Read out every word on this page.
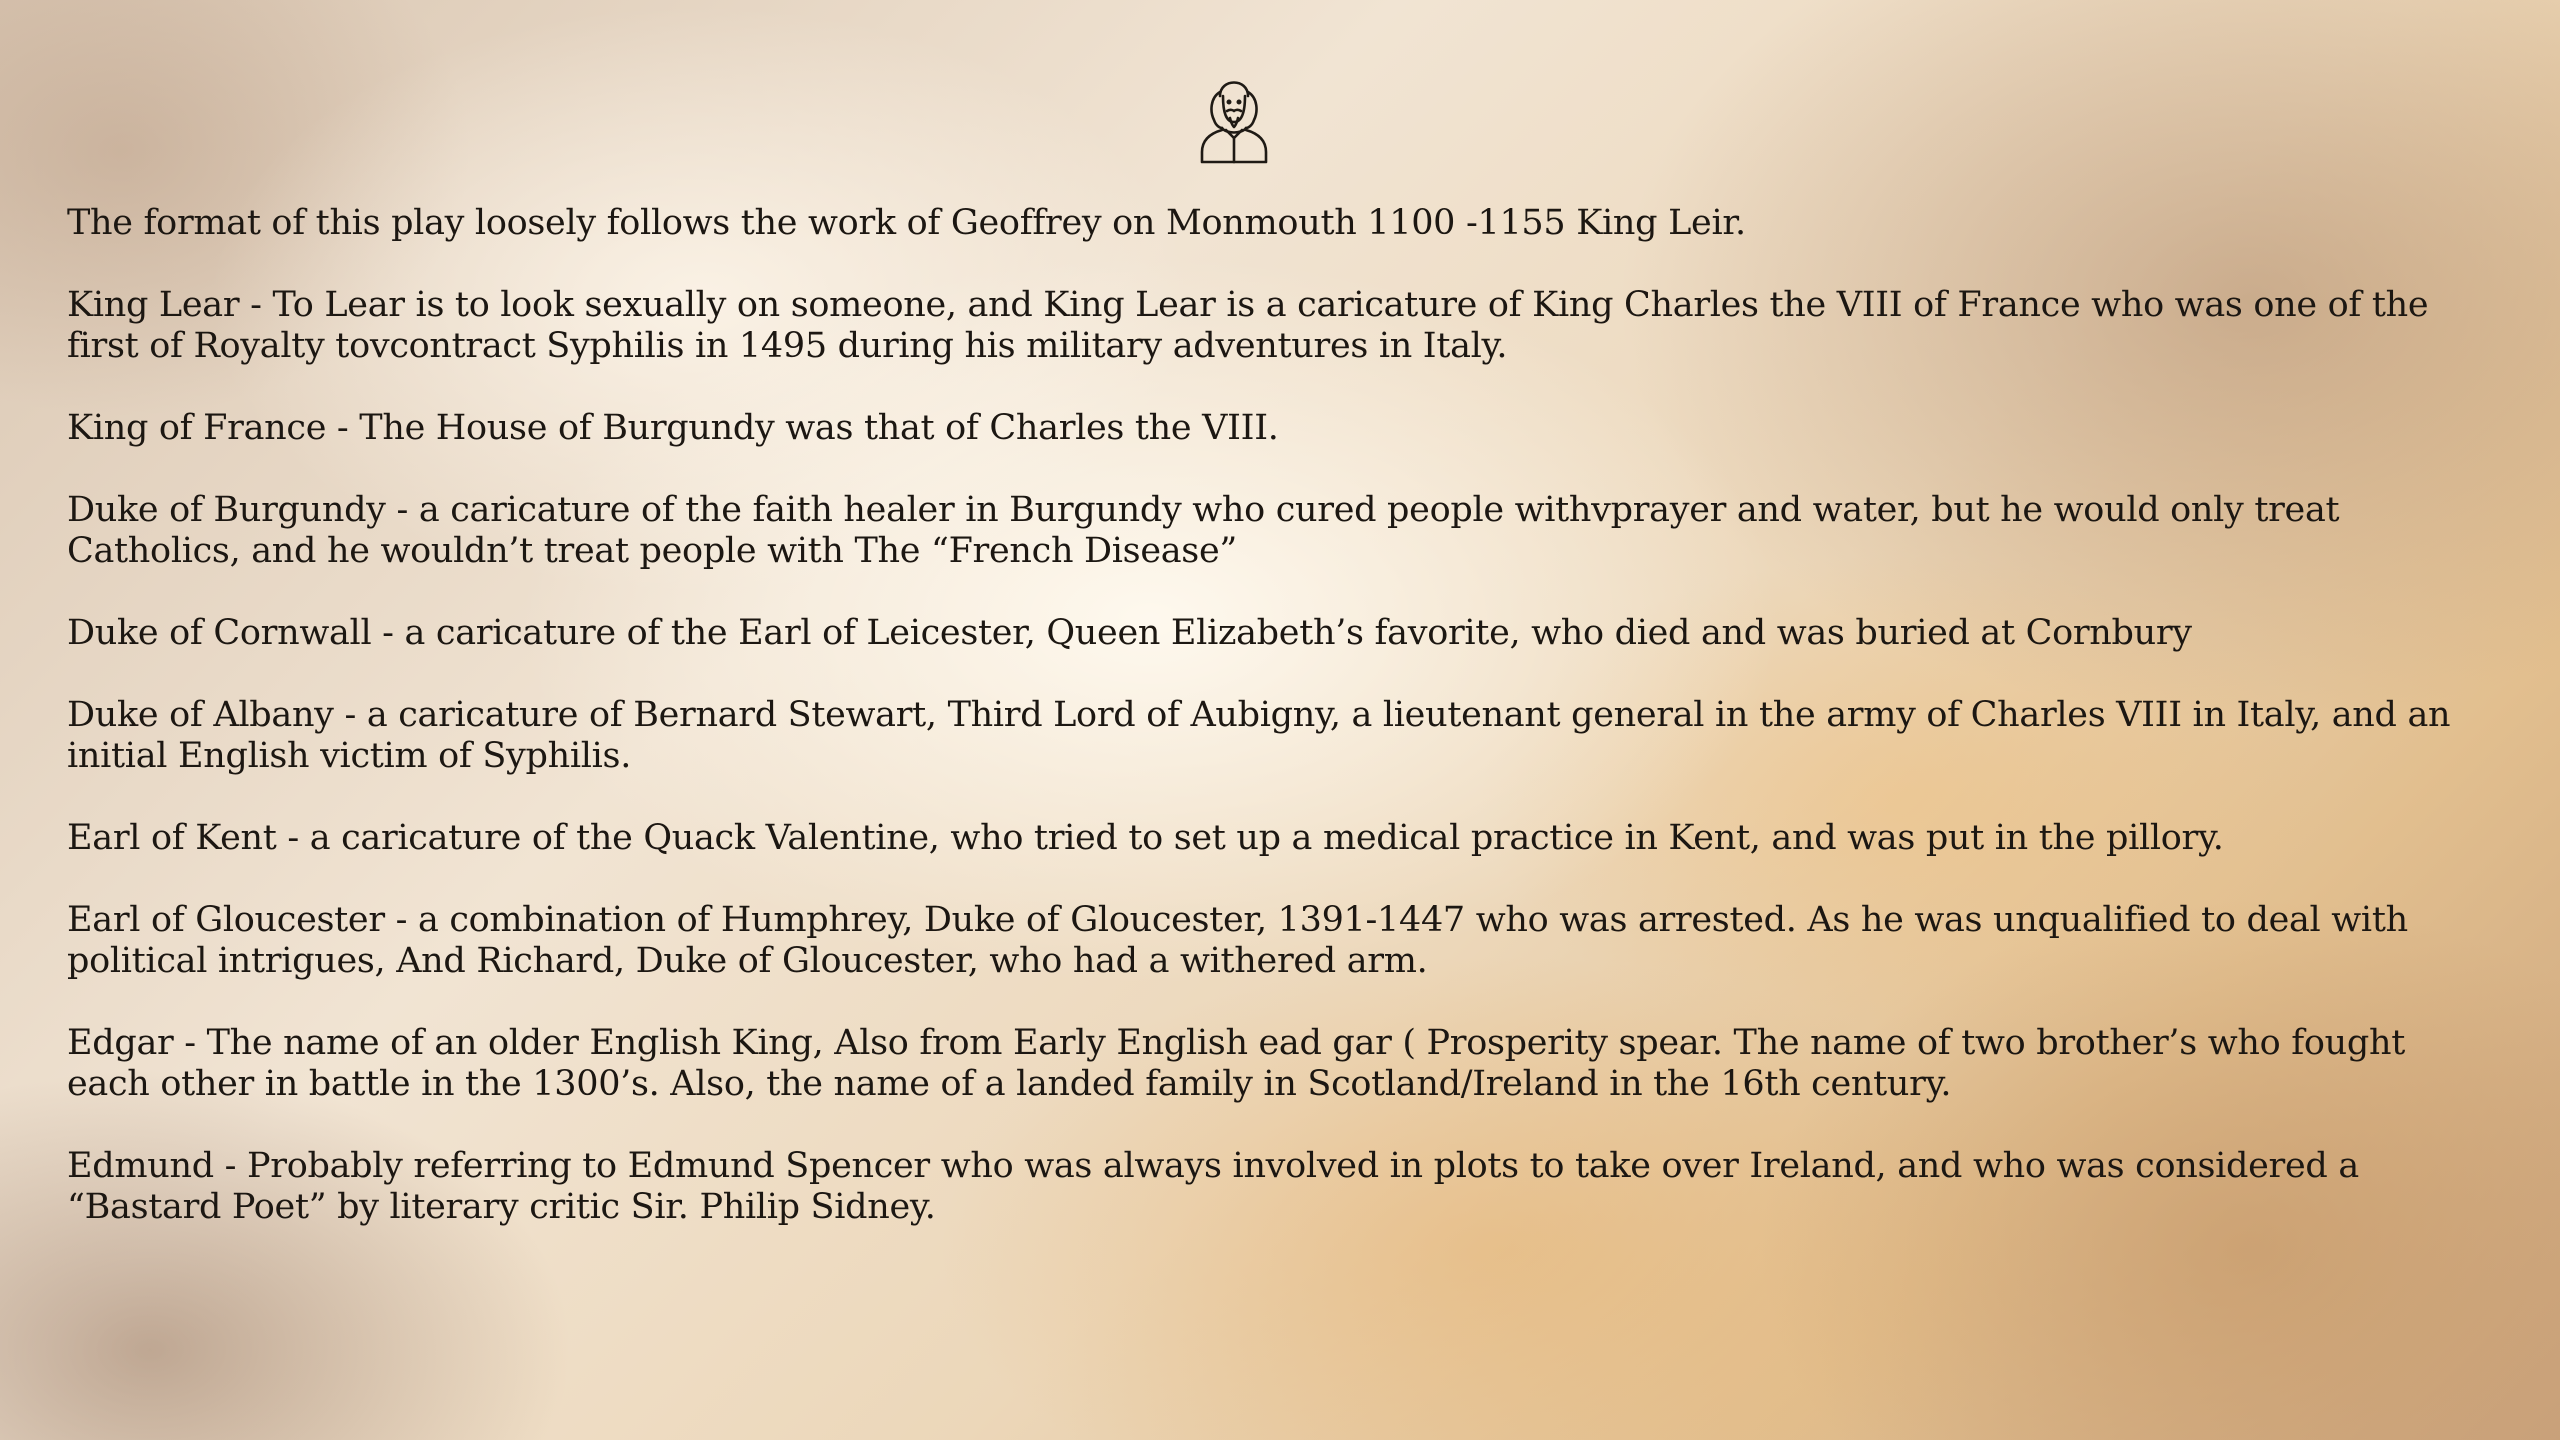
The format of this play loosely follows the work of Geoffrey on Monmouth 1100 -1155 King Leir.

King Lear - To Lear is to look sexually on someone, and King Lear is a caricature of King Charles the VIII of France who was one of the first of Royalty tovcontract Syphilis in 1495 during his military adventures in Italy.

King of France - The House of Burgundy was that of Charles the VIII.

Duke of Burgundy - a caricature of the faith healer in Burgundy who cured people withvprayer and water, but he would only treat Catholics, and he wouldn’t treat people with The “French Disease”

Duke of Cornwall - a caricature of the Earl of Leicester, Queen Elizabeth’s favorite, who died and was buried at Cornbury

Duke of Albany - a caricature of Bernard Stewart, Third Lord of Aubigny, a lieutenant general in the army of Charles VIII in Italy, and an initial English victim of Syphilis.

Earl of Kent - a caricature of the Quack Valentine, who tried to set up a medical practice in Kent, and was put in the pillory.

Earl of Gloucester - a combination of Humphrey, Duke of Gloucester, 1391-1447 who was arrested. As he was unqualified to deal with political intrigues, And Richard, Duke of Gloucester, who had a withered arm.

Edgar - The name of an older English King, Also from Early English ead gar ( Prosperity spear. The name of two brother’s who fought each other in battle in the 1300’s. Also, the name of a landed family in Scotland/Ireland in the 16th century.

Edmund - Probably referring to Edmund Spencer who was always involved in plots to take over Ireland, and who was considered a “Bastard Poet” by literary critic Sir. Philip Sidney.
